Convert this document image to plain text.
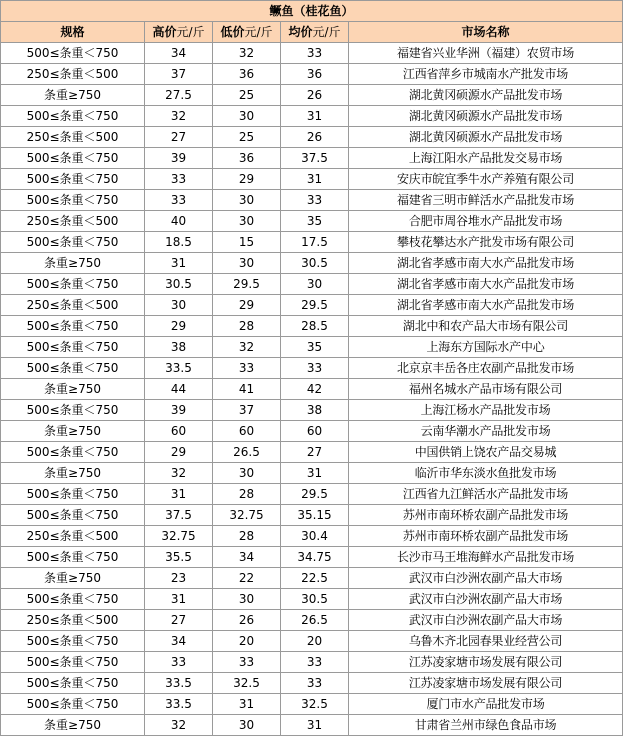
鳜鱼（桂花鱼）				
规格	高价元/斤	低价元/斤	均价元/斤	市场名称
500≤条重＜750	34	32	33	福建省兴业华洲（福建）农贸市场
250≤条重＜500	37	36	36	江西省萍乡市城南水产批发市场
条重≥750	27.5	25	26	湖北黄冈硕源水产品批发市场
500≤条重＜750	32	30	31	湖北黄冈硕源水产品批发市场
250≤条重＜500	27	25	26	湖北黄冈硕源水产品批发市场
500≤条重＜750	39	36	37.5	上海江阳水产品批发交易市场
500≤条重＜750	33	29	31	安庆市皖宜季牛水产养殖有限公司
500≤条重＜750	33	30	33	福建省三明市鲜活水产品批发市场
250≤条重＜500	40	30	35	合肥市周谷堆水产品批发市场
500≤条重＜750	18.5	15	17.5	攀枝花攀达水产批发市场有限公司
条重≥750	31	30	30.5	湖北省孝感市南大水产品批发市场
500≤条重＜750	30.5	29.5	30	湖北省孝感市南大水产品批发市场
250≤条重＜500	30	29	29.5	湖北省孝感市南大水产品批发市场
500≤条重＜750	29	28	28.5	湖北中和农产品大市场有限公司
500≤条重＜750	38	32	35	上海东方国际水产中心
500≤条重＜750	33.5	33	33	北京京丰岳各庄农副产品批发市场
条重≥750	44	41	42	福州名城水产品市场有限公司
500≤条重＜750	39	37	38	上海江杨水产品批发市场
条重≥750	60	60	60	云南华潮水产品批发市场
500≤条重＜750	29	26.5	27	中国供销上饶农产品交易城
条重≥750	32	30	31	临沂市华东淡水鱼批发市场
500≤条重＜750	31	28	29.5	江西省九江鲜活水产品批发市场
500≤条重＜750	37.5	32.75	35.15	苏州市南环桥农副产品批发市场
250≤条重＜500	32.75	28	30.4	苏州市南环桥农副产品批发市场
500≤条重＜750	35.5	34	34.75	长沙市马王堆海鲜水产品批发市场
条重≥750	23	22	22.5	武汉市白沙洲农副产品大市场
500≤条重＜750	31	30	30.5	武汉市白沙洲农副产品大市场
250≤条重＜500	27	26	26.5	武汉市白沙洲农副产品大市场
500≤条重＜750	34	20	20	乌鲁木齐北园春果业经营公司
500≤条重＜750	33	33	33	江苏凌家塘市场发展有限公司
500≤条重＜750	33.5	32.5	33	江苏凌家塘市场发展有限公司
500≤条重＜750	33.5	31	32.5	厦门市水产品批发市场
条重≥750	32	30	31	甘肃省兰州市绿色食品市场
